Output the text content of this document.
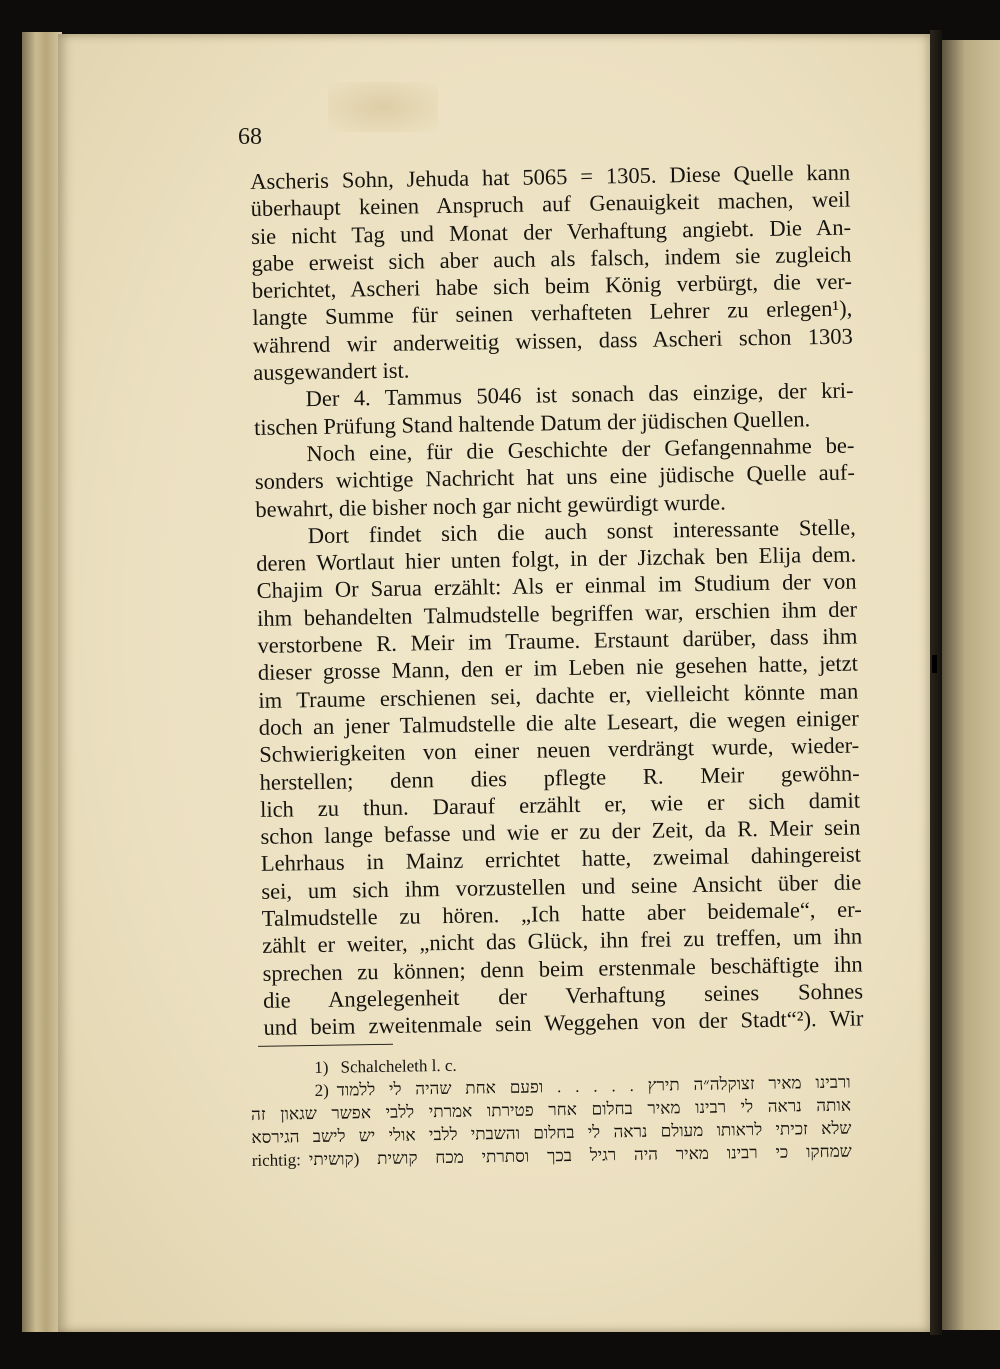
68
Ascheris Sohn, Jehuda hat 5065 = 1305. Diese Quelle kann
überhaupt keinen Anspruch auf Genauigkeit machen, weil
sie nicht Tag und Monat der Verhaftung angiebt. Die An-
gabe erweist sich aber auch als falsch, indem sie zugleich
berichtet, Ascheri habe sich beim König verbürgt, die ver-
langte Summe für seinen verhafteten Lehrer zu erlegen¹),
während wir anderweitig wissen, dass Ascheri schon 1303
ausgewandert ist.
Der 4. Tammus 5046 ist sonach das einzige, der kri-
tischen Prüfung Stand haltende Datum der jüdischen Quellen.
Noch eine, für die Geschichte der Gefangennahme be-
sonders wichtige Nachricht hat uns eine jüdische Quelle auf-
bewahrt, die bisher noch gar nicht gewürdigt wurde.
Dort findet sich die auch sonst interessante Stelle,
deren Wortlaut hier unten folgt, in der Jizchak ben Elija dem.
Chajim Or Sarua erzählt: Als er einmal im Studium der von
ihm behandelten Talmudstelle begriffen war, erschien ihm der
verstorbene R. Meir im Traume. Erstaunt darüber, dass ihm
dieser grosse Mann, den er im Leben nie gesehen hatte, jetzt
im Traume erschienen sei, dachte er, vielleicht könnte man
doch an jener Talmudstelle die alte Leseart, die wegen einiger
Schwierigkeiten von einer neuen verdrängt wurde, wieder-
herstellen; denn dies pflegte R. Meir gewöhn-
lich zu thun. Darauf erzählt er, wie er sich damit
schon lange befasse und wie er zu der Zeit, da R. Meir sein
Lehrhaus in Mainz errichtet hatte, zweimal dahingereist
sei, um sich ihm vorzustellen und seine Ansicht über die
Talmudstelle zu hören. „Ich hatte aber beidemale“, er-
zählt er weiter, „nicht das Glück, ihn frei zu treffen, um ihn
sprechen zu können; denn beim erstenmale beschäftigte ihn
die Angelegenheit der Verhaftung seines Sohnes
und beim zweitenmale sein Weggehen von der Stadt“²). Wir
1) Schalcheleth l. c.
2) ורבינו מאיר זצוקלה״ה תירץ . . . . . ופעם אחת שהיה לי ללמוד
אותה נראה לי רבינו מאיר בחלום אחר פטירתו אמרתי ללבי אפשר שגאון זה
שלא זכיתי לראותו מעולם נראה לי בחלום והשבתי ללבי אולי יש לישב הגירסא
richtig: שמחקו כי רבינו מאיר היה רגיל בכך וסתרתי מכח קושית (קושיתי
